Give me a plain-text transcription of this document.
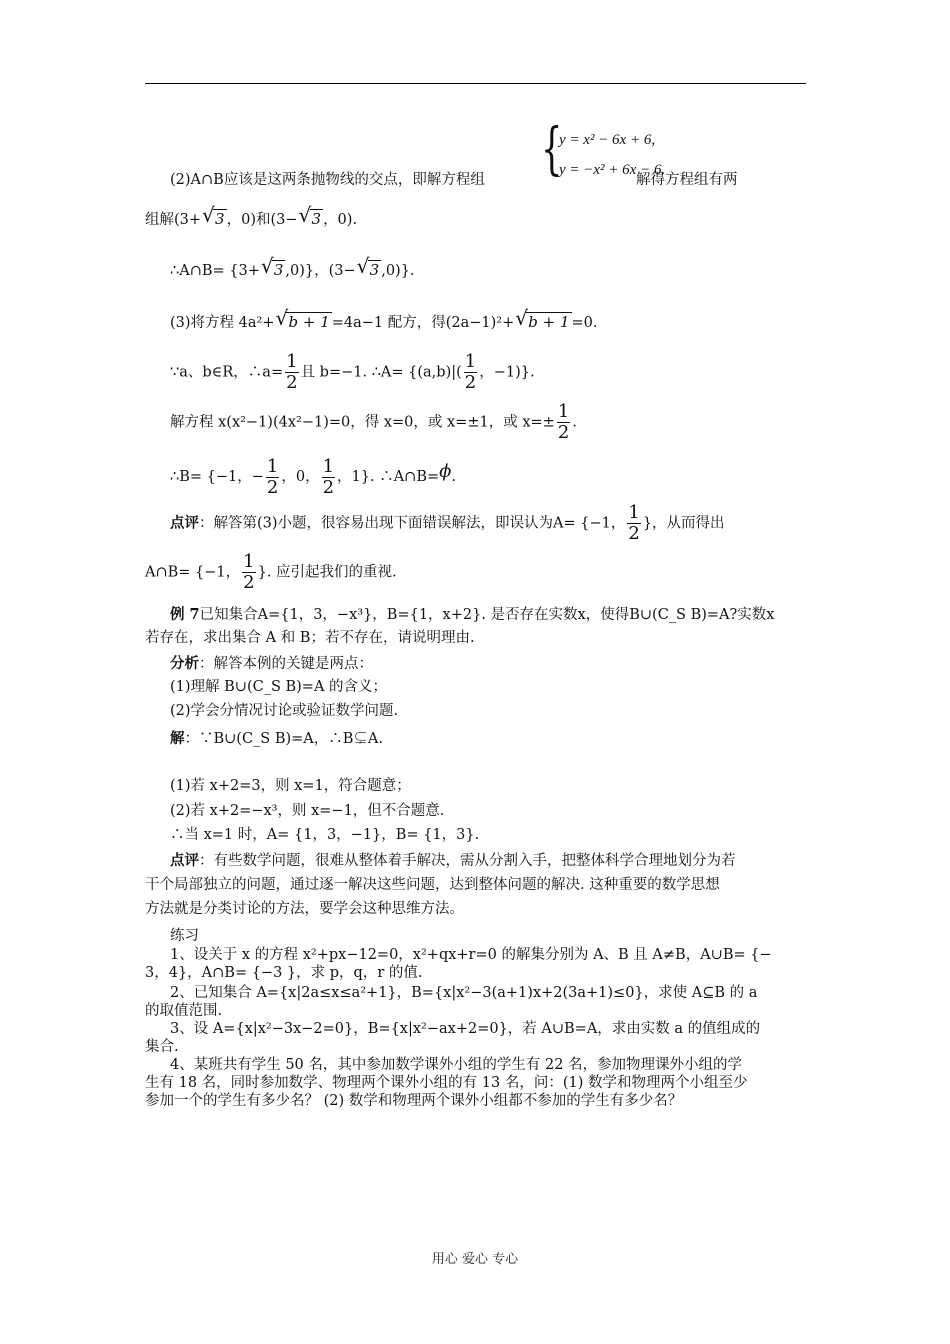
{
y = x² − 6x + 6,
y = −x² + 6x − 6.
(2)A∩B应该是这两条抛物线的交点，即解方程组	解得方程组有两
组解(3+ √ 3 ，0)和(3− √ 3 ，0).
∴A∩B= {3+ √ 3 ,0)}，(3− √ 3 ,0)}.
(3)将方程 4a²+ √ b + 1 =4a−1 配方，得(2a−1)²+ √ b + 1 =0.
∵a、b∈R，∴a= $\frac{1}{2}$ 且 b=−1. ∴A= {$(a,b)|( \frac{1}{2}$ ，−1)}.
解方程 x(x²−1)(4x²−1)=0，得 x=0，或 x=±1，或 $x=\pm \frac{1}{2}$ .
∴B= {−1，− $\frac{1}{2}$ ，0， $\frac{1}{2}$ ，1}. ∴A∩B=ϕ.
点评：解答第(3)小题，很容易出现下面错误解法，即误认为A= {−1， $\frac{1}{2}$ }，从而得出
A∩B= {−1， $\frac{1}{2}$ }. 应引起我们的重视.
例 7已知集合A={1，3，−x³}，B={1，x+2}. 是否存在实数x，使得B∪(C_S B)=A?实数x
若存在，求出集合 A 和 B；若不存在，请说明理由.
分析：解答本例的关键是两点：
(1)理解 B∪(C_S B)=A 的含义；
(2)学会分情况讨论或验证数学问题.
解：∵B∪(C_S B)=A，∴B⊊A.
(1)若 x+2=3，则 x=1，符合题意；
(2)若 x+2=−x³，则 x=−1，但不合题意.
∴当 x=1 时，A= {1，3，−1}，B= {1，3}.
点评：有些数学问题，很难从整体着手解决，需从分割入手，把整体科学合理地划分为若
干个局部独立的问题，通过逐一解决这些问题，达到整体问题的解决. 这种重要的数学思想
方法就是分类讨论的方法，要学会这种思维方法。
练习
1、设关于 x 的方程 x²+px−12=0，x²+qx+r=0 的解集分别为 A、B 且 A≠B，A∪B= {−
3，4}，A∩B= {−3 }，求 p，q，r 的值.
2、已知集合 A={x|2a≤x≤a²+1}，B={x|x²−3(a+1)x+2(3a+1)≤0}，求使 A⊆B 的 a
的取值范围.
3、设 A={x|x²−3x−2=0}，B={x|x²−ax+2=0}，若 A∪B=A，求由实数 a 的值组成的
集合.
4、某班共有学生 50 名，其中参加数学课外小组的学生有 22 名，参加物理课外小组的学
生有 18 名，同时参加数学、物理两个课外小组的有 13 名，问：(1) 数学和物理两个小组至少
参加一个的学生有多少名？ (2) 数学和物理两个课外小组都不参加的学生有多少名？
用心 爱心 专心
